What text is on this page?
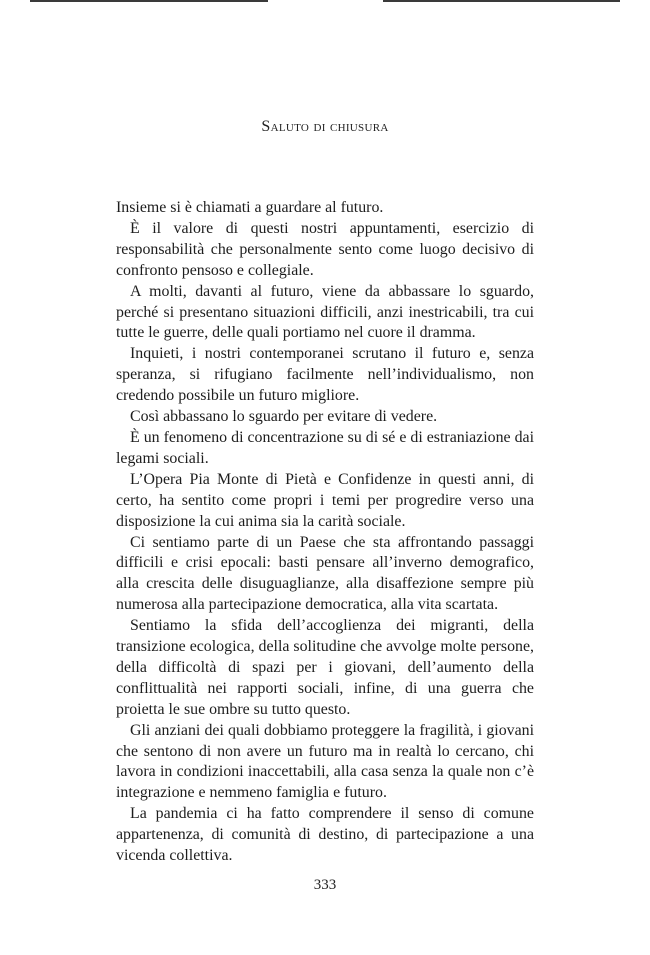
Saluto di chiusura

Insieme si è chiamati a guardare al futuro.

È il valore di questi nostri appuntamenti, esercizio di responsabilità che personalmente sento come luogo decisivo di confronto pensoso e collegiale.

A molti, davanti al futuro, viene da abbassare lo sguardo, perché si presentano situazioni difficili, anzi inestricabili, tra cui tutte le guerre, delle quali portiamo nel cuore il dramma.

Inquieti, i nostri contemporanei scrutano il futuro e, senza speranza, si rifugiano facilmente nell’individualismo, non credendo possibile un futuro migliore.

Così abbassano lo sguardo per evitare di vedere.

È un fenomeno di concentrazione su di sé e di estraniazione dai legami sociali.

L’Opera Pia Monte di Pietà e Confidenze in questi anni, di certo, ha sentito come propri i temi per progredire verso una disposizione la cui anima sia la carità sociale.

Ci sentiamo parte di un Paese che sta affrontando passaggi difficili e crisi epocali: basti pensare all’inverno demografico, alla crescita delle disuguaglianze, alla disaffezione sempre più numerosa alla partecipazione democratica, alla vita scartata.

Sentiamo la sfida dell’accoglienza dei migranti, della transizione ecologica, della solitudine che avvolge molte persone, della difficoltà di spazi per i giovani, dell’aumento della conflittualità nei rapporti sociali, infine, di una guerra che proietta le sue ombre su tutto questo.

Gli anziani dei quali dobbiamo proteggere la fragilità, i giovani che sentono di non avere un futuro ma in realtà lo cercano, chi lavora in condizioni inaccettabili, alla casa senza la quale non c’è integrazione e nemmeno famiglia e futuro.

La pandemia ci ha fatto comprendere il senso di comune appartenenza, di comunità di destino, di partecipazione a una vicenda collettiva.

333
